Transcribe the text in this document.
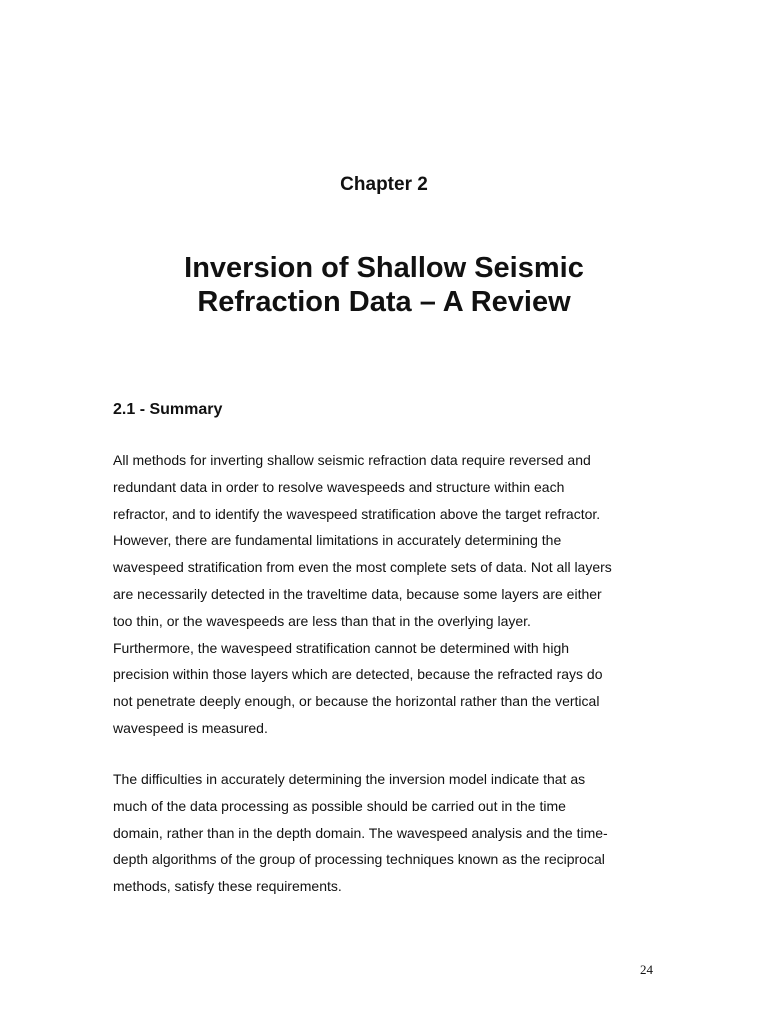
Chapter 2
Inversion of Shallow Seismic
Refraction Data – A Review
2.1 - Summary

All methods for inverting shallow seismic refraction data require reversed and
redundant data in order to resolve wavespeeds and structure within each
refractor, and to identify the wavespeed stratification above the target refractor.
However, there are fundamental limitations in accurately determining the
wavespeed stratification from even the most complete sets of data. Not all layers
are necessarily detected in the traveltime data, because some layers are either
too thin, or the wavespeeds are less than that in the overlying layer.
Furthermore, the wavespeed stratification cannot be determined with high
precision within those layers which are detected, because the refracted rays do
not penetrate deeply enough, or because the horizontal rather than the vertical
wavespeed is measured.

The difficulties in accurately determining the inversion model indicate that as
much of the data processing as possible should be carried out in the time
domain, rather than in the depth domain. The wavespeed analysis and the time-
depth algorithms of the group of processing techniques known as the reciprocal
methods, satisfy these requirements.

24
